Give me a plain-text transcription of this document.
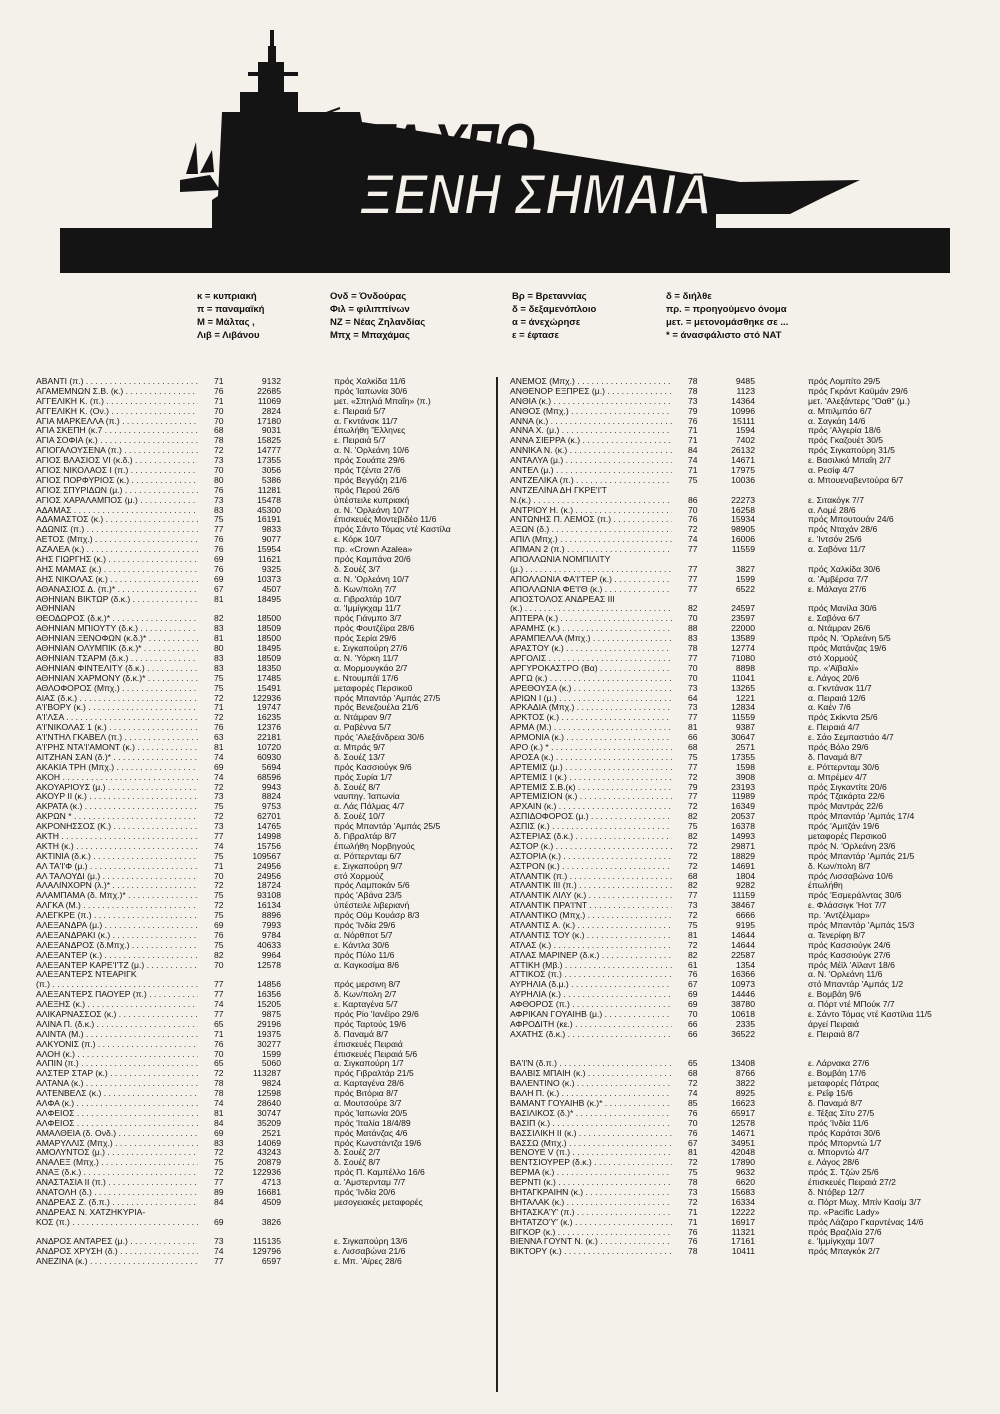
ΤΑ ΥΠΟ
ΞΕΝΗ ΣΗΜΑΙΑ
κ = κυπριακή
π = παναμαϊκή
Μ = Μάλτας ,
Λιβ = Λιβάνου
Ονδ = Όνδούρας
Φιλ = φιλιππίνων
ΝΖ = Νέας Ζηλανδίας
Μπχ = Μπαχάμας
Βρ = Βρεταννίας
δ = δεξαμενόπλοιο
α = άνεχώρησε
ε = έφτασε
δ = διήλθε
πρ. = προηγούμενο όνομα
μετ. = μετονομάσθηκε σε ...
* = άνασφάλιστο στό ΝΑΤ
ΑΒΑΝΤΙ (π.) . . .	71	9132	πρός Χαλκίδα 11/6
ΑΓΑΜΕΜΝΩΝ Σ.Β. (κ.) . . .	76	22685	πρός Ίαπωνία 30/6
ΑΓΓΕΛΙΚΗ Κ. (π.) . . .	71	11069	μετ. «Σπηλιά Μπαΐη» (π.)
ΑΓΓΕΛΙΚΗ Κ. (Ον.) . . .	70	2824	ε. Πειραιά 5/7
ΑΓΙΑ ΜΑΡΚΕΛΛΑ (π.) . . .	70	17180	α. Γκντάνσκ 11/7
ΑΓΙΑ ΣΚΕΠΗ (κ.7 . . .	68	9031	έπωλήθη 'Έλληνες
ΑΓΙΑ ΣΟΦΙΑ (κ.) . . .	78	15825	ε. Πειραιά 5/7
ΑΓΙΟΓΑΛΟΥΣΕΝΑ (π.) . . .	72	14777	α. Ν. 'Ορλεάνη 10/6
ΑΓΙΟΣ ΒΛΑΣΙΟΣ VI (κ.δ.) . . .	73	17355	πρός Σουάπε 29/6
ΑΓΙΟΣ ΝΙΚΟΛΑΟΣ Ι (π.) . . .	70	3056	πρός Τζέντα 27/6
ΑΓΙΟΣ ΠΟΡΦΥΡΙΟΣ (κ.) . . .	80	5386	πρός Βεγγάζη 21/6
ΑΓΙΟΣ ΣΠΥΡΙΔΩΝ (μ.) . . .	76	11281	πρός Περού 26/6
ΑΓΙΟΣ ΧΑΡΑΛΑΜΠΟΣ (μ.) . . .	73	15478	ύπέστειλε κυπριακή
ΑΔΑΜΑΣ . . .	83	45300	α. Ν. 'Ορλεάνη 10/7
ΑΔΑΜΑΣΤΟΣ (κ.) . . .	75	16191	έπισκευές Μοντεβιδέο 11/6
ΑΔΩΝΙΣ (π.) . . .	77	9833	πρός Σάντο Τόμας ντέ Καστίλα
ΑΕΤΟΣ (Μπχ.) . . .	76	9077	ε. Κόρκ 10/7
ΑΖΑΛΕΑ (κ.) . . .	76	15954	πρ. «Crown Azalea»
ΑΗΣ ΓΙΩΡΓΗΣ (κ.) . . .	69	11621	πρός Καμπάνα 20/6
ΑΗΣ ΜΑΜΑΣ (κ.) . . .	76	9325	δ. Σουέζ 3/7
ΑΗΣ ΝΙΚΟΛΑΣ (κ.) . . .	69	10373	α. Ν. 'Ορλεάνη 10/7
ΑΘΑΝΑΣΙΟΣ Δ. (π.)* . . .	67	4507	δ. Κων/πολη 7/7
ΑΘΗΝΙΑΝ ΒΙΚΤΩΡ (δ.κ.) . . .	81	18495	α. Γιβραλτάρ 10/7
ΑΘΗΝΙΑΝ	α. 'Ιμμίγκχαμ 11/7
ΘΕΟΔΩΡΟΣ (δ.κ.)* . . .	82	18500	πρός Γιάνμπο 3/7
ΑΘΗΝΙΑΝ ΜΠΙΟΥΤΥ (δ.κ.) . . .	83	18509	πρός Φουτζέϊρα 28/6
ΑΘΗΝΙΑΝ ΞΕΝΟΦΩΝ (κ.δ.)* . . .	81	18500	πρός Σερία 29/6
ΑΘΗΝΙΑΝ ΟΛΥΜΠΙΚ (δ.κ.)* . . .	80	18495	ε. Σιγκαπούρη 27/6
ΑΘΗΝΙΑΝ ΤΣΑΡΜ (δ.κ.) . . .	83	18509	α. Ν. 'Υόρκη 11/7
ΑΘΗΝΙΑΝ ΦΙΝΤΕΛΙΤΥ (δ.κ.) . . .	83	18350	α. Μορμουγκάο 2/7
ΑΘΗΝΙΑΝ ΧΑΡΜΟΝΥ (δ.κ.)* . . .	75	17485	ε. Ντουμπάϊ 17/6
ΑΘΛΟΦΟΡΟΣ (Μπχ.) . . .	75	15491	μεταφορές Περσικοῦ
ΑΙΑΣ (δ.κ.) . . .	72	122936	πρός Μπαντάρ 'Αμπάς 27/5
Α'Ι'ΒΟΡΥ (κ.) . . .	71	19747	πρός Βενεζουέλα 21/6
Α'Ι'ΛΣΑ . . .	72	16235	α. Ντάμραν 9/7
Α'Ι'ΝΙΚΟΛΑΣ 1 (κ.) . . .	76	12376	α. Ραβέννα 5/7
Α'Ι'ΝΤΗΛ ΓΚΑΒΕΛ (π.) . . .	63	22181	πρός 'Αλεξάνδρεια 30/6
Α'Ι'ΡΗΣ ΝΤΑ'Ι'ΑΜΟΝΤ (κ.) . . .	81	10720	α. Μπράς 9/7
ΑΙΤΖΗΑΝ ΣΑΝ (δ.)* . . .	74	60930	δ. Σουέζ 13/7
ΑΚΑΚΙΑ ΤΡΗ (Μπχ.) . . .	69	5694	πρός Κασσιούγκ 9/6
ΑΚΟΗ . . .	74	68596	πρός Συρία 1/7
ΑΚΟΥΑΡΙΟΥΣ (μ.) . . .	72	9943	δ. Σουέζ 8/7
ΑΚΟΥΡ ΙΙ (κ.) . . .	73	8824	ναυπηγ. Ίαπωνία
ΑΚΡΑΤΑ (κ.) . . .	75	9753	α. Λάς Πάλμας 4/7
ΑΚΡΩΝ * . . .	72	62701	δ. Σουέζ 10/7
ΑΚΡΟΝΗΣΣΟΣ (Κ.) . . .	73	14765	πρός Μπαντάρ 'Αμπάς 25/5
ΑΚΤΗ . . .	77	14998	δ. Γιβραλτάρ 8/7
ΑΚΤΗ (κ.) . . .	74	15756	έπωλήθη Νορβηγούς
ΑΚΤΙΝΙΑ (δ.κ.) . . .	75	109567	α. Ρόττερνταμ 6/7
ΑΛ ΤΑ'Ι'Φ (μ.) . . .	71	24956	ε. Σιγκαπούρη 9/7
ΑΛ ΤΑΛΟΥΔΙ (μ.) . . .	70	24956	στό Χορμούζ
ΑΛΑΛΙΝΧΟΡΝ (λ.)* . . .	72	18724	πρός Λαμποκάν 5/6
ΑΛΑΜΠΑΜΑ (δ. Μπχ.)* . . .	75	93108	πρός 'Αβάνα 23/5
ΑΛΓΚΑ (Μ.) . . .	72	16134	ύπέστειλε λιβεριανή
ΑΛΕΓΚΡΕ (π.) . . .	75	8896	πρός Οϋμ Κουάσρ 8/3
ΑΛΕΞΑΝΔΡΑ (μ.) . . .	69	7993	πρός 'Ινδία 29/6
ΑΛΕΞΑΝΔΡΑΚΙ (κ.) . . .	76	9784	α. Νόρθποτ 5/7
ΑΛΕΞΑΝΔΡΟΣ (δ.Μπχ.) . . .	75	40633	ε. Κάντλα 30/6
ΑΛΕΞΑΝΤΕΡ (κ.) . . .	82	9964	πρός Πύλο 11/6
ΑΛΕΞΑΝΤΕΡ ΚΑΡΕ'Ι'ΤΖ (μ.) . . .	70	12578	α. Καγκοσίμα 8/6
ΑΛΕΞΑΝΤΕΡΣ ΝΤΕΑΡΙΓΚ
(π.) . . .	77	14856	πρός μερσινη 8/7
ΑΛΕΞΑΝΤΕΡΣ ΠΑΟΥΕΡ (π.) . . .	77	16356	δ. Κων/πολη 2/7
ΑΛΕΞΗΣ (κ.) . . .	74	15205	ε. Καρταγένα 5/7
ΑΛΙΚΑΡΝΑΣΣΟΣ (κ.) . . .	77	9875	πρός Ρίο 'Ιανέϊρο 29/6
ΑΛΙΝΑ Π. (δ.κ.) . . .	65	29196	πρός Ταρτούς 19/6
ΑΛΙΝΤΑ (Μ.) . . .	71	19375	δ. Παναμά 8/7
ΑΛΚΥΟΝΙΣ (π.) . . .	76	30277	έπισκευές Πειραιά
ΑΛΟΗ (κ.) . . .	70	1599	έπισκευές Πειραιά 5/6
ΑΛΠΙΝ (π.) . . .	65	5060	α. Σιγκαπούρη 1/7
ΑΛΣΤΕΡ ΣΤΑΡ (κ.) . . .	72	113287	πρός Γιβραλτάρ 21/5
ΑΛΤΑΝΑ (κ.) . . .	78	9824	α. Καρταγένα 28/6
ΑΛΤΕΝΒΕΛΣ (κ.) . . .	78	12598	πρός Βιτόρια 8/7
ΑΛΦΑ (κ.) . . .	74	28640	α. Μουτσούρε 3/7
ΑΛΦΕΙΟΣ . . .	81	30747	πρός Ίαπωνία 20/5
ΑΛΦΕΙΟΣ . . .	84	35209	πρός 'Ιταλία 18/4/89
ΑΜΑΛΘΕΙΑ (δ. Ονδ.) . . .	69	2521	πρός Ματάνζας 4/6
ΑΜΑΡΥΛΛΙΣ (Μπχ.) . . .	83	14069	πρός Κωνστάντζα 19/6
ΑΜΟΛΥΝΤΟΣ (μ.) . . .	72	43243	δ. Σουέζ 2/7
ΑΝΑΛΕΞ (Μπχ.) . . .	75	20879	δ. Σουέζ 8/7
ΑΝΑΞ (δ.κ.) . . .	72	122936	πρός Π. Καμπέλλο 16/6
ΑΝΑΣΤΑΣΙΑ ΙΙ (π.) . . .	77	4713	α. 'Αμστερνταμ 7/7
ΑΝΑΤΟΛΗ (δ.) . . .	89	16681	πρός 'Ινδία 20/6
ΑΝΔΡΕΑΣ Ζ. (δ.π.) . . .	84	4509	μεσογειακές μεταφορές
ΑΝΔΡΕΑΣ Ν. ΧΑΤΖΗΚΥΡΙΑ-
ΚΟΣ (π.) . . .	69	3826
ΑΝΔΡΟΣ ΑΝΤΑΡΕΣ (μ.) . . .	73	115135	ε. Σιγκαπούρη 13/6
ΑΝΔΡΟΣ ΧΡΥΣΗ (δ.) . . .	74	129796	ε. Λισσαβώνα 21/6
ΑΝΕΖΙΝΑ (κ.) . . .	77	6597	ε. Μπ. 'Αϊρες 28/6
ΑΝΕΜΟΣ (Μπχ.) . . .	78	9485	πρός Λομπίτο 29/5
ΑΝΘΕΝΟΡ ΕΞΠΡΕΣ (μ.) . . .	78	1123	πρός Γκράντ Καϋμάν 29/6
ΑΝΘΙΑ (κ.) . . .	73	14364	μετ. 'Αλεξάντερς "Οαθ" (μ.)
ΑΝΘΟΣ (Μπχ.) . . .	79	10996	α. Μπιλμπάο 6/7
ΑΝΝΑ (κ.) . . .	76	15111	α. Σαγκάη 14/6
ΑΝΝΑ Χ. (μ.) . . .	71	1594	πρός 'Αλγερία 18/6
ΑΝΝΑ ΣΙΕΡΡΑ (κ.) . . .	71	7402	πρός Γκαζουέτ 30/5
ΑΝΝΙΚΑ Ν. (κ.) . . .	84	26132	πρός Σιγκαπούρη 31/5
ΑΝΤΑΛΥΑ (μ.) . . .	74	14671	ε. Βασιλικό Μπαΐη 2/7
ΑΝΤΕΛ (μ.) . . .	71	17975	α. Ρεσίφ 4/7
ΑΝΤΖΕΛΙΚΑ (π.) . . .	75	10036	α. Μπουεναβεντούρα 6/7
ΑΝΤΖΕΛΙΝΑ ΔΗ ΓΚΡΕ'Ι'Τ
Ν.(κ.) . . .	86	22273	ε. Σιτακόγκ 7/7
ΑΝΤΡΙΟΥ Η. (κ.) . . .	70	16258	α. Λομέ 28/6
ΑΝΤΩΝΗΣ Π. ΛΕΜΟΣ (π.) . . .	76	15934	πρός Μπουτουάν 24/6
ΑΞΩΝ (δ.) . . .	72	98905	πρός Νταχάν 28/6
ΑΠΙΛ (Μπχ.) . . .	74	16006	ε. 'Ιντσόν 25/6
ΑΠΜΑΝ 2 (π.) . . .	77	11559	α. Σαβόνα 11/7
ΑΠΟΛΛΩΝΙΑ ΝΟΜΠΙΛΙΤΥ
(μ.) . . .	77	3827	πρός Χαλκίδα 30/6
ΑΠΟΛΛΩΝΙΑ ΦΑ'Ι'ΤΕΡ (κ.) . . .	77	1599	α. 'Αμβέρσα 7/7
ΑΠΟΛΛΩΝΙΑ ΦΕ'Ι'Θ (κ.) . . .	77	6522	ε. Μάλαγα 27/6
ΑΠΟΣΤΟΛΟΣ ΑΝΔΡΕΑΣ ΙΙΙ
(κ.) . . .	82	24597	πρός Μανίλα 30/6
ΑΠΤΕΡΑ (κ.) . . .	70	23597	ε. Σαβόνα 6/7
ΑΡΑΜΗΣ (κ.) . . .	88	22000	α. Ντάμραν 26/6
ΑΡΑΜΠΕΛΛΑ (Μπχ.) . . .	83	13589	πρός Ν. 'Ορλεάνη 5/5
ΑΡΑΣΤΟΥ (κ.) . . .	78	12774	πρός Ματάνζας 19/6
ΑΡΓΟΛΙΣ . . .	77	71080	στό Χορμούζ
ΑΡΓΥΡΟΚΑΣΤΡΟ (Βα) . . .	70	8898	πρ. «'Αϊβαλί»
ΑΡΓΩ (κ.) . . .	70	11041	ε. Λάγος 20/6
ΑΡΕΘΟΥΣΑ (κ.) . . .	73	13265	α. Γκντάνσκ 11/7
ΑΡΙΩΝ Ι (μ.) . . .	64	1221	α. Πειραιά 12/6
ΑΡΚΑΔΙΑ (Μπχ.) . . .	73	12834	α. Καέν 7/6
ΑΡΚΤΟΣ (κ.) . . .	77	11559	πρός Σκίκντα 25/6
ΑΡΜΑ (Μ.) . . .	81	9387	ε. Πειραιά 4/7
ΑΡΜΟΝΙΑ (κ.) . . .	66	30647	ε. Σάο Σεμπαστιάο 4/7
ΑΡΟ (κ.) * . . .	68	2571	πρός Βόλο 29/6
ΑΡΟΣΑ (κ.) . . .	75	17355	δ. Παναμά 8/7
ΑΡΤΕΜΙΣ (μ.) . . .	77	1598	ε. Ρόττερνταμ 30/6
ΑΡΤΕΜΙΣ Ι (κ.) . . .	72	3908	α. Μπρέμεν 4/7
ΑΡΤΕΜΙΣ Σ.Β.(κ) . . .	79	23193	πρός Σιγκαντίτε 20/6
ΑΡΤΕΜΙΣΙΟΝ (κ.) . . .	77	11989	πρός Τζακάρτα 22/6
ΑΡΧΑΙΝ (κ.) . . .	72	16349	πρός Μαντράς 22/6
ΑΣΠΙΔΟΦΟΡΟΣ (μ.) . . .	82	20537	πρός Μπαντάρ 'Αμπάς 17/4
ΑΣΠΙΣ (κ.) . . .	75	16378	πρός 'Αμιτζάν 19/6
ΑΣΤΕΡΙΑΣ (δ.κ.) . . .	82	14993	μεταφορές Περσικοῦ
ΑΣΤΟΡ (κ.) . . .	72	29871	πρός Ν. 'Ορλεάνη 23/6
ΑΣΤΟΡΙΑ (κ.) . . .	72	18829	πρός Μπαντάρ 'Αμπάς 21/5
ΑΣΤΡΟΝ (κ.) . . .	72	14691	δ. Κων/πολη 8/7
ΑΤΛΑΝΤΙΚ (π.) . . .	68	1804	πρός Λισσαβώνα 10/6
ΑΤΛΑΝΤΙΚ ΙΙΙ (π.) . . .	82	9282	έπωλήθη
ΑΤΛΑΝΤΙΚ ΛΙΛΥ (κ.) . . .	77	11159	πρός 'Εσμεράλντας 30/6
ΑΤΛΑΝΤΙΚ ΠΡΑ'Ι'ΝΤ . . .	73	38467	ε. Φλάσσιγκ 'Ηοτ 7/7
ΑΤΛΑΝΤΙΚΟ (Μπχ.) . . .	72	6666	πρ. 'Αντζέλμαρ»
ΑΤΛΑΝΤΙΣ Α. (κ.) . . .	75	9195	πρός Μπαντάρ 'Αμπάς 15/3
ΑΤΛΑΝΤΙΣ ΤΟΥ (κ.) . . .	81	14644	α. Τενερίφη 8/7
ΑΤΛΑΣ (κ.) . . .	72	14644	πρός Κασσιούγκ 24/6
ΑΤΛΑΣ ΜΑΡΙΝΕΡ (δ.κ.) . . .	82	22587	πρός Κασσιούγκ 27/6
ΑΤΤΙΚΗ (Μβ.) . . .	61	1354	πρός Μέϊλ 'Αϊλαντ 18/6
ΑΤΤΙΚΟΣ (π.) . . .	76	16366	α. Ν. 'Ορλεάνη 11/6
ΑΥΡΗΛΙΑ (δ.μ.) . . .	67	10973	στό Μπαντάρ 'Αμπάς 1/2
ΑΥΡΗΛΙΑ (κ.) . . .	69	14446	ε. Βομβάη 9/6
ΑΦΘΟΡΟΣ (π.) . . .	69	38780	α. Πόρτ ντέ ΜΠούκ 7/7
ΑΦΡΙΚΑΝ ΓΟΥΑΙΗΒ (μ.) . . .	70	10618	ε. Σάντο Τόμας ντέ Καστίλια 11/5
ΑΦΡΟΔΙΤΗ (κε.) . . .	66	2335	άργεί Πειραιά
ΑΧΑΤΗΣ (δ.κ.) . . .	66	36522	ε. Πειραιά 8/7
ΒΑ'Ι'Ν (δ.π.) . . .	65	13408	ε. Λάρνακα 27/6
ΒΑΛΒΙΣ ΜΠΑΙΗ (κ.) . . .	68	8766	ε. Βομβάη 17/6
ΒΑΛΕΝΤΙΝΟ (κ.) . . .	72	3822	μεταφορές Πάτρας
ΒΑΛΗ Π. (κ.) . . .	74	8925	ε. Ρεΐφ 15/6
ΒΑΜΑΝΤ ΓΟΥΑΙΗΒ (κ.)* . . .	85	16623	δ. Παναμά 8/7
ΒΑΣΙΛΙΚΟΣ (δ.)* . . .	76	65917	ε. Τέξας Σίτυ 27/5
ΒΑΣΙΠ (κ.) . . .	70	12578	πρός 'Ινδία 11/6
ΒΑΣΣΙΛΙΚΗ ΙΙ (κ.) . . .	76	14671	πρός Καράτσι 30/6
ΒΑΣΣΩ (Μπχ.) . . .	67	34951	πρός Μπορντώ 1/7
ΒΕΝΟΥΕ V (π.) . . .	81	42048	α. Μπορντώ 4/7
ΒΕΝΤΣΙΟΥΡΕΡ (δ.κ.) . . .	72	17890	ε. Λάγος 28/6
ΒΕΡΜΑ (κ.) . . .	75	9632	πρός Σ. Τζών 25/6
ΒΕΡΝΤΙ (κ.) . . .	78	6620	έπισκευές Πειραιά 27/2
ΒΗΤΑΓΚΡΑΙΗΝ (κ.) . . .	73	15683	δ. Ντόβερ 12/7
ΒΗΤΑΛΑΚ (κ.) . . .	72	16334	α. Πόρτ Μωχ. Μπίν Κασίμ 3/7
ΒΗΤΑΣΚΑ'Υ' (π.) . . .	71	12222	πρ. «Pacific Lady»
ΒΗΤΑΤΖΟ'Υ' (κ.) . . .	71	16917	πρός Λάζαρο Γκαρντένας 14/6
ΒΙΓΚΟΡ (κ.) . . .	76	11321	πρός Βραζιλία 27/6
ΒΙΕΝΝΑ ΓΟΥΝΤ Ν. (κ.) . . .	76	17161	ε. 'Ιμμίγκχαμ 10/7
ΒΙΚΤΟΡΥ (κ.) . . .	78	10411	πρός Μπαγκόκ 2/7
